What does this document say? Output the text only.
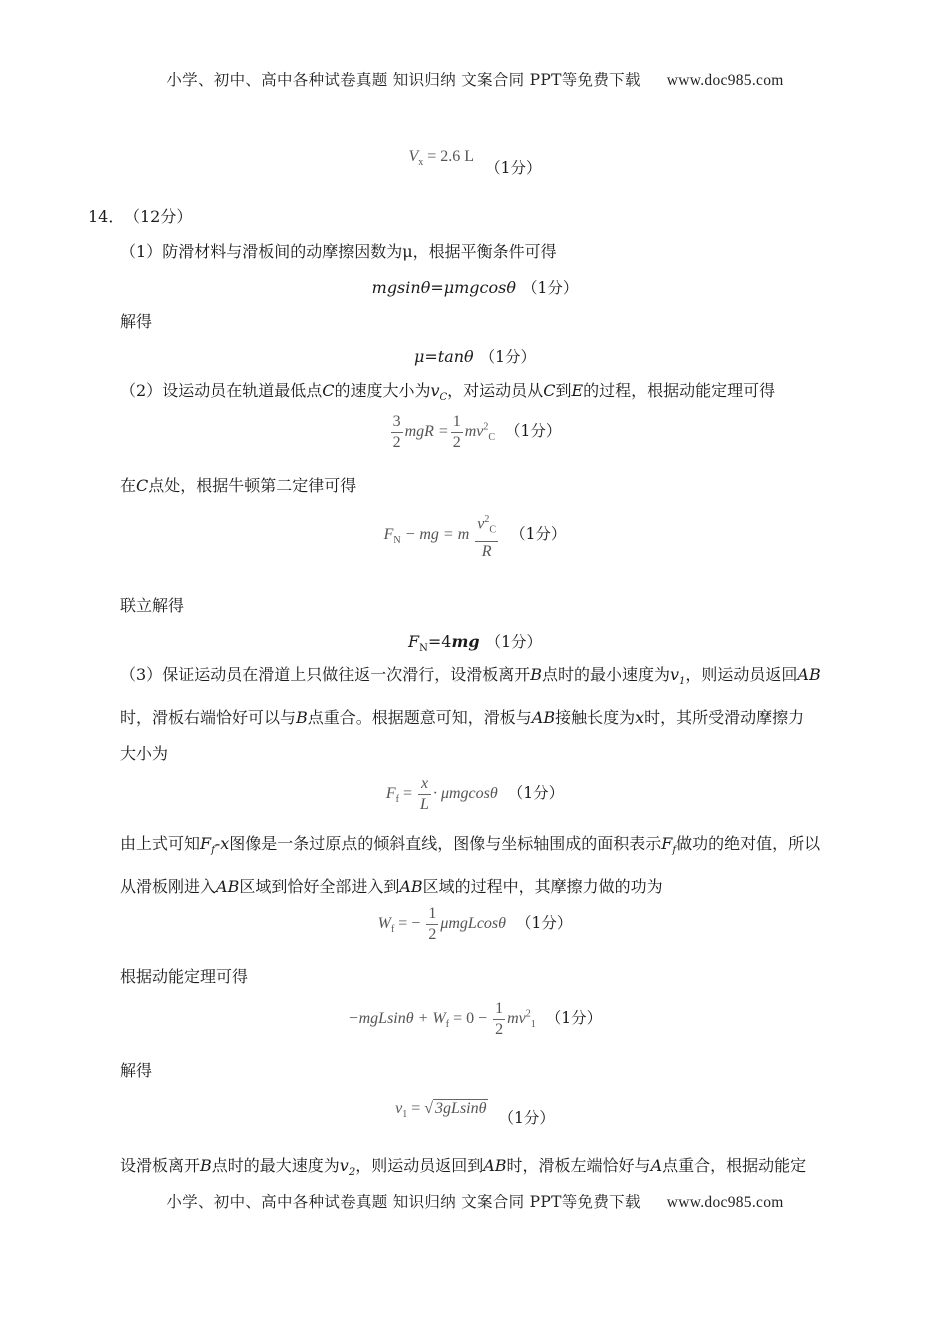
小学、初中、高中各种试卷真题 知识归纳 文案合同 PPT等免费下载 www.doc985.com
$V_x = 2.6$ L （1分）
14． （12分）
（1）防滑材料与滑板间的动摩擦因数为μ，根据平衡条件可得
mgsinθ=μmgcosθ （1分）
解得
μ=tanθ （1分）
（2）设运动员在轨道最低点C的速度大小为$v_C$，对运动员从C到E的过程，根据动能定理可得
$\frac{3}{2}$ mgR = $\frac{1}{2} mv^2_C$ （1分）
在C点处，根据牛顿第二定律可得
$F_N$ − mg = m $\frac{v^2_C}{R} (1$分）
联立解得
$F_N=4mg$ （1分）
（3）保证运动员在滑道上只做往返一次滑行，设滑板离开B点时的最小速度为$v_1$，则运动员返回AB
时，滑板右端恰好可以与B点重合。根据题意可知，滑板与AB接触长度为x时，其所受滑动摩擦力
大小为
$F_f = \frac{x}{L} \cdot \mu mgcos\theta$ （1分）
由上式可知$F_f-x$图像是一条过原点的倾斜直线，图像与坐标轴围成的面积表示$F_f$做功的绝对值，所以
从滑板刚进入AB区域到恰好全部进入到AB区域的过程中，其摩擦力做的功为
$W_f$ = − $\frac{1}{2}$ μmgLcosθ （1分）
根据动能定理可得
$-mgLsin\theta + W_f = 0 - \frac{1}{2} mv^2_1$ （1分）
解得
$v_1$ = √ 3gLsinθ （1分）
设滑板离开B点时的最大速度为$v_2$，则运动员返回到AB时，滑板左端恰好与A点重合，根据动能定
小学、初中、高中各种试卷真题 知识归纳 文案合同 PPT等免费下载 www.doc985.com
